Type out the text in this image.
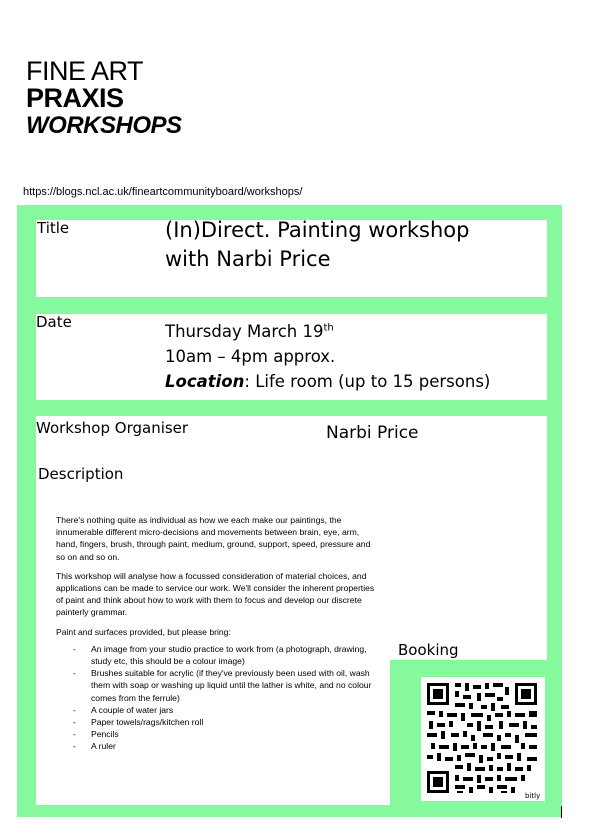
FINE ART
PRAXIS
WORKSHOPS
https://blogs.ncl.ac.uk/fineartcommunityboard/workshops/
Title	(In)Direct. Painting workshop
with Narbi Price
Date	Thursday March 19th
10am – 4pm approx.
Location: Life room (up to 15 persons)
Workshop Organiser	Narbi Price
Description

There's nothing quite as individual as how we each make our paintings, the innumerable different micro-decisions and movements between brain, eye, arm, hand, fingers, brush, through paint, medium, ground, support, speed, pressure and so on and so on.

This workshop will analyse how a focussed consideration of material choices, and applications can be made to service our work. We'll consider the inherent properties of paint and think about how to work with them to focus and develop our discrete painterly grammar.

Paint and surfaces provided, but please bring:

- An image from your studio practice to work from (a photograph, drawing, study etc, this should be a colour image)
- Brushes suitable for acrylic (if they've previously been used with oil, wash them with soap or washing up liquid until the lather is white, and no colour comes from the ferrule)
- A couple of water jars
- Paper towels/rags/kitchen roll
- Pencils
- A ruler
Booking
bitly
